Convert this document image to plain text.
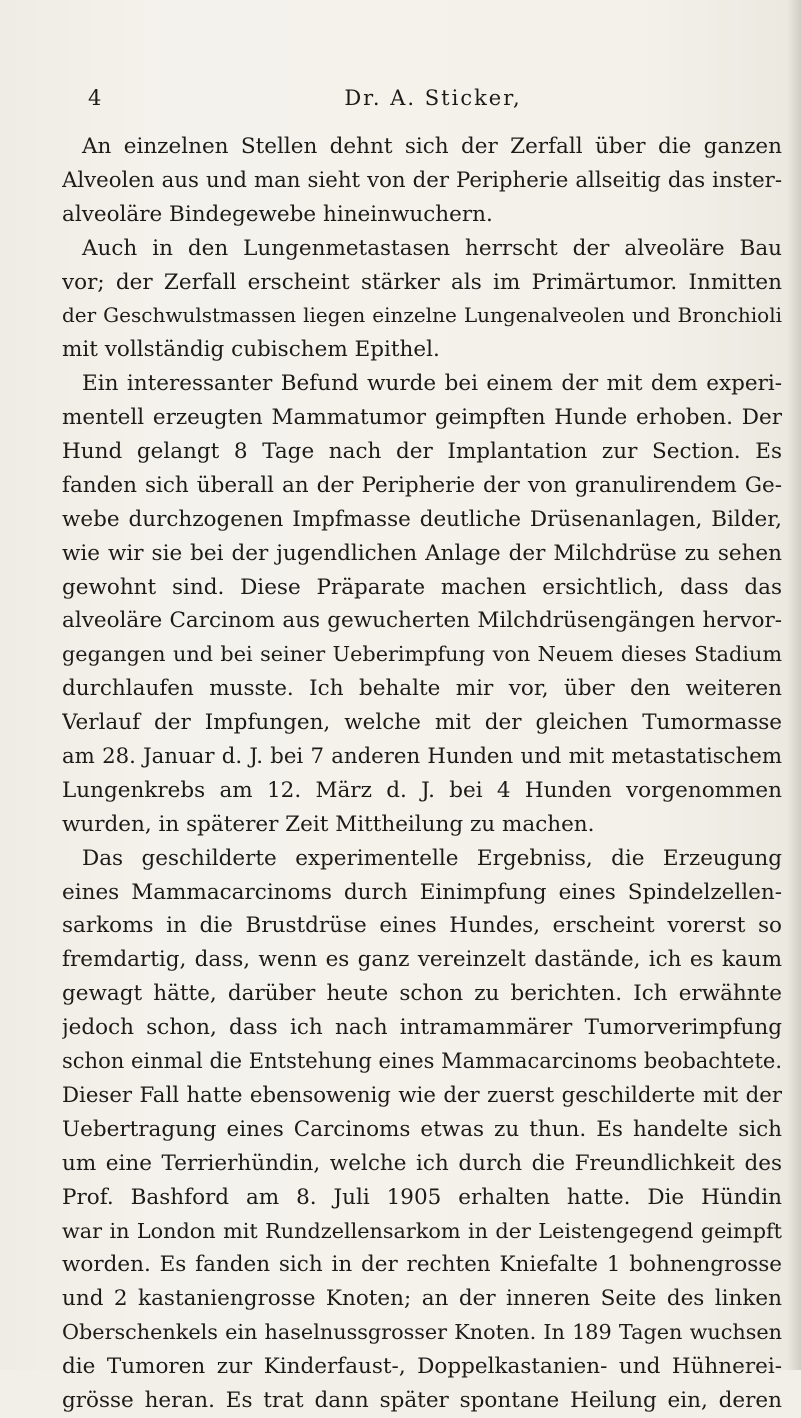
4	Dr. A. Sticker,
An einzelnen Stellen dehnt sich der Zerfall über die ganzen
Alveolen aus und man sieht von der Peripherie allseitig das inster-
alveoläre Bindegewebe hineinwuchern.
Auch in den Lungenmetastasen herrscht der alveoläre Bau
vor; der Zerfall erscheint stärker als im Primärtumor. Inmitten
der Geschwulstmassen liegen einzelne Lungenalveolen und Bronchioli
mit vollständig cubischem Epithel.
Ein interessanter Befund wurde bei einem der mit dem experi-
mentell erzeugten Mammatumor geimpften Hunde erhoben. Der
Hund gelangt 8 Tage nach der Implantation zur Section. Es
fanden sich überall an der Peripherie der von granulirendem Ge-
webe durchzogenen Impfmasse deutliche Drüsenanlagen, Bilder,
wie wir sie bei der jugendlichen Anlage der Milchdrüse zu sehen
gewohnt sind. Diese Präparate machen ersichtlich, dass das
alveoläre Carcinom aus gewucherten Milchdrüsengängen hervor-
gegangen und bei seiner Ueberimpfung von Neuem dieses Stadium
durchlaufen musste. Ich behalte mir vor, über den weiteren
Verlauf der Impfungen, welche mit der gleichen Tumormasse
am 28. Januar d. J. bei 7 anderen Hunden und mit metastatischem
Lungenkrebs am 12. März d. J. bei 4 Hunden vorgenommen
wurden, in späterer Zeit Mittheilung zu machen.
Das geschilderte experimentelle Ergebniss, die Erzeugung
eines Mammacarcinoms durch Einimpfung eines Spindelzellen-
sarkoms in die Brustdrüse eines Hundes, erscheint vorerst so
fremdartig, dass, wenn es ganz vereinzelt dastände, ich es kaum
gewagt hätte, darüber heute schon zu berichten. Ich erwähnte
jedoch schon, dass ich nach intramammärer Tumorverimpfung
schon einmal die Entstehung eines Mammacarcinoms beobachtete.
Dieser Fall hatte ebensowenig wie der zuerst geschilderte mit der
Uebertragung eines Carcinoms etwas zu thun. Es handelte sich
um eine Terrierhündin, welche ich durch die Freundlichkeit des
Prof. Bashford am 8. Juli 1905 erhalten hatte. Die Hündin
war in London mit Rundzellensarkom in der Leistengegend geimpft
worden. Es fanden sich in der rechten Kniefalte 1 bohnengrosse
und 2 kastaniengrosse Knoten; an der inneren Seite des linken
Oberschenkels ein haselnussgrosser Knoten. In 189 Tagen wuchsen
die Tumoren zur Kinderfaust-, Doppelkastanien- und Hühnerei-
grösse heran. Es trat dann später spontane Heilung ein, deren
